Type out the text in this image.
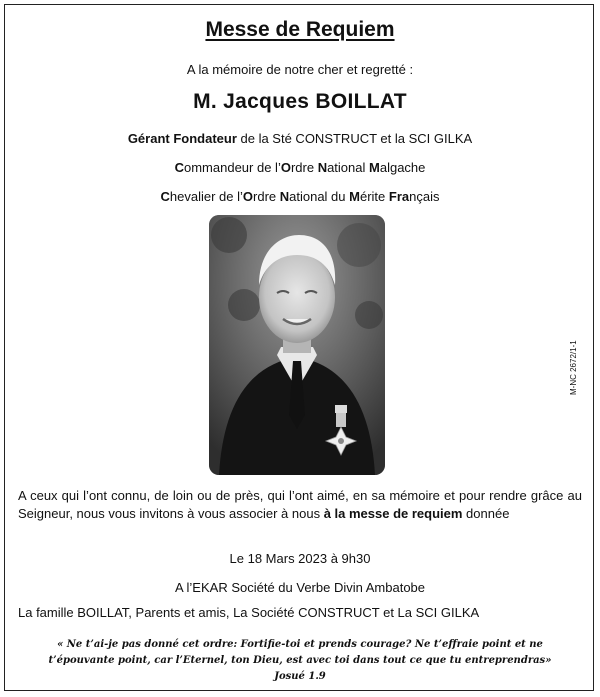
Messe de Requiem
A la mémoire de notre cher et regretté :
M. Jacques BOILLAT
Gérant Fondateur de la Sté CONSTRUCT et la SCI GILKA
Commandeur de l’Ordre National Malgache
Chevalier de l’Ordre National du Mérite Français
M-NC 2672/1-1
A ceux qui l’ont connu, de loin ou de près, qui l’ont aimé, en sa mémoire et pour rendre grâce au Seigneur, nous vous invitons à vous associer à nous à la messe de requiem donnée
Le 18 Mars 2023 à 9h30
A l’EKAR Société du Verbe Divin Ambatobe
La famille BOILLAT, Parents et amis, La Société CONSTRUCT et La SCI GILKA
« Ne t’ai-je pas donné cet ordre: Fortifie-toi et prends courage? Ne t’effraie point et ne
t’épouvante point, car l’Eternel, ton Dieu, est avec toi dans tout ce que tu entreprendras»
Josué 1.9
